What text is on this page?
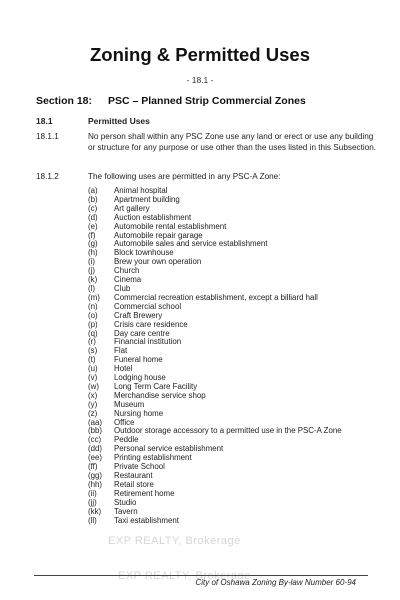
Zoning & Permitted Uses
- 18.1 -
Section 18: PSC – Planned Strip Commercial Zones
18.1	Permitted Uses
18.1.1	No person shall within any PSC Zone use any land or erect or use any building or structure for any purpose or use other than the uses listed in this Subsection.
18.1.2	The following uses are permitted in any PSC-A Zone:
(a) Animal hospital
(b) Apartment building
(c) Art gallery
(d) Auction establishment
(e) Automobile rental establishment
(f) Automobile repair garage
(g) Automobile sales and service establishment
(h) Block townhouse
(i) Brew your own operation
(j) Church
(k) Cinema
(l) Club
(m) Commercial recreation establishment, except a billiard hall
(n) Commercial school
(o) Craft Brewery
(p) Crisis care residence
(q) Day care centre
(r) Financial institution
(s) Flat
(t) Funeral home
(u) Hotel
(v) Lodging house
(w) Long Term Care Facility
(x) Merchandise service shop
(y) Museum
(z) Nursing home
(aa) Office
(bb) Outdoor storage accessory to a permitted use in the PSC-A Zone
(cc) Peddle
(dd) Personal service establishment
(ee) Printing establishment
(ff) Private School
(gg) Restaurant
(hh) Retail store
(ii) Retirement home
(jj) Studio
(kk) Tavern
(ll) Taxi establishment
EXP REALTY, Brokerage
EXP REALTY, Brokerage
City of Oshawa Zoning By-law Number 60-94
